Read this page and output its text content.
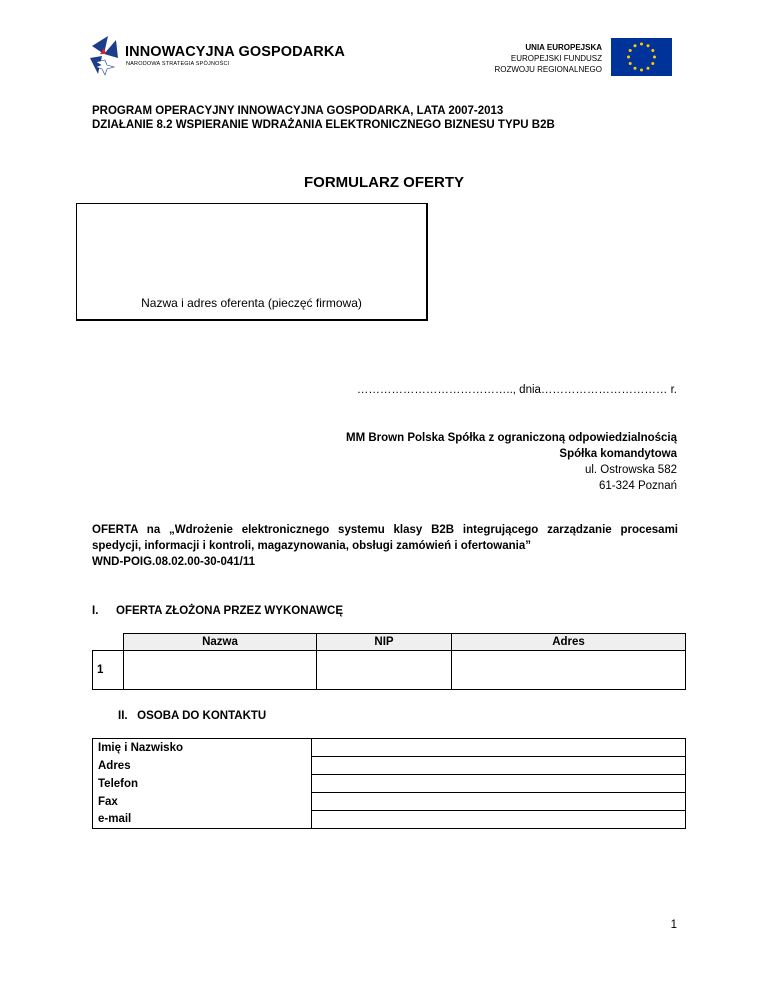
INNOWACYJNA GOSPODARKA
NARODOWA STRATEGIA SPÓJNOŚCI
UNIA EUROPEJSKA
EUROPEJSKI FUNDUSZ
ROZWOJU REGIONALNEGO
PROGRAM OPERACYJNY INNOWACYJNA GOSPODARKA, LATA 2007-2013
DZIAŁANIE 8.2 WSPIERANIE WDRAŻANIA ELEKTRONICZNEGO BIZNESU TYPU B2B
FORMULARZ OFERTY
Nazwa i adres oferenta (pieczęć firmowa)
………………………………….., dnia…………………………… r.
MM Brown Polska Spółka z ograniczoną odpowiedzialnością
Spółka komandytowa
ul. Ostrowska 582
61-324 Poznań
OFERTA na „Wdrożenie elektronicznego systemu klasy B2B integrującego zarządzanie procesami
spedycji, informacji i kontroli, magazynowania, obsługi zamówień i ofertowania”
WND-POIG.08.02.00-30-041/11
I. OFERTA ZŁOŻONA PRZEZ WYKONAWCĘ
	Nazwa	NIP	Adres
1			
II.   OSOBA DO KONTAKTU
Imię i Nazwisko	
Adres	
Telefon	
Fax	
e-mail	
1
